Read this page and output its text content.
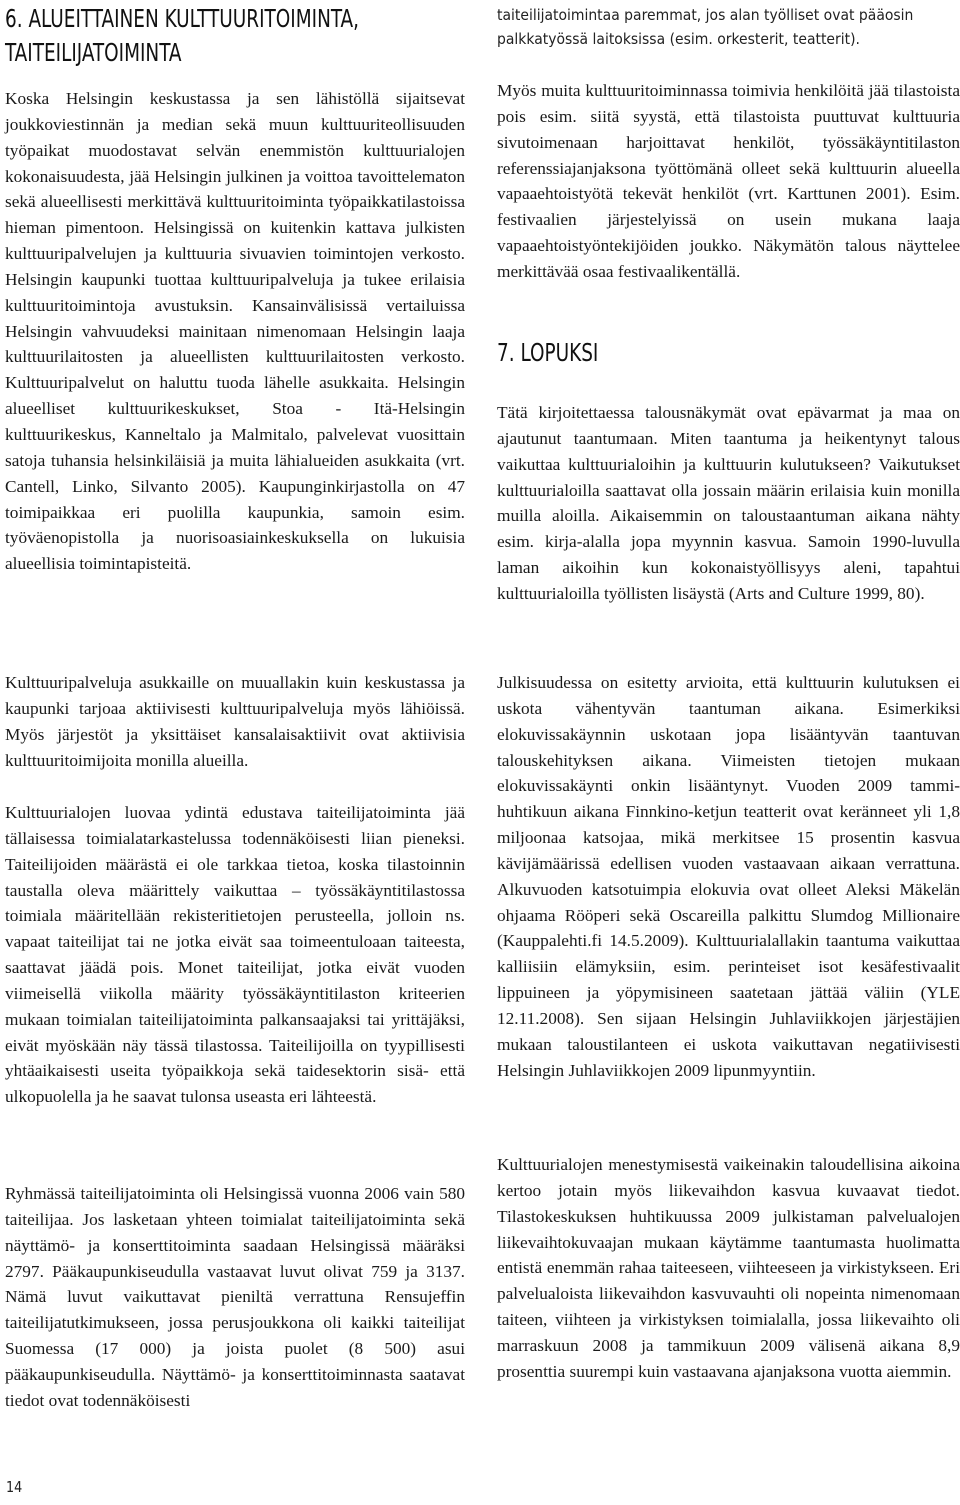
6. ALUEITTAINEN KULTTUURITOIMINTA,
TAITEILIJATOIMINTA

Koska Helsingin keskustassa ja sen lähistöllä sijaitsevat joukkoviestinnän ja median sekä muun kulttuuriteollisuuden työpaikat muodostavat selvän enemmistön kulttuurialojen kokonaisuudesta, jää Helsingin julkinen ja voittoa tavoittelematon sekä alueellisesti merkittävä kulttuuritoiminta työpaikkatilastoissa hieman pimentoon. Helsingissä on kuitenkin kattava julkisten kulttuuripalvelujen ja kulttuuria sivuavien toimintojen verkosto. Helsingin kaupunki tuottaa kulttuuripalveluja ja tukee erilaisia kulttuuritoimintoja avustuksin. Kansainvälisissä vertailuissa Helsingin vahvuudeksi mainitaan nimenomaan Helsingin laaja kulttuurilaitosten ja alueellisten kulttuurilaitosten verkosto. Kulttuuripalvelut on haluttu tuoda lähelle asukkaita. Helsingin alueelliset kulttuurikeskukset, Stoa - Itä-Helsingin kulttuurikeskus, Kanneltalo ja Malmitalo, palvelevat vuosittain satoja tuhansia helsinkiläisiä ja muita lähialueiden asukkaita (vrt. Cantell, Linko, Silvanto 2005). Kaupunginkirjastolla on 47 toimipaikkaa eri puolilla kaupunkia, samoin esim. työväenopistolla ja nuorisoasiainkeskuksella on lukuisia alueellisia toimintapisteitä.

Kulttuuripalveluja asukkaille on muuallakin kuin keskustassa ja kaupunki tarjoaa aktiivisesti kulttuuripalveluja myös lähiöissä. Myös järjestöt ja yksittäiset kansalaisaktiivit ovat aktiivisia kulttuuritoimijoita monilla alueilla.

Kulttuurialojen luovaa ydintä edustava taiteilijatoiminta jää tällaisessa toimialatarkastelussa todennäköisesti liian pieneksi. Taiteilijoiden määrästä ei ole tarkkaa tietoa, koska tilastoinnin taustalla oleva määrittely vaikuttaa – työssäkäyntitilastossa toimiala määritellään rekisteritietojen perusteella, jolloin ns. vapaat taiteilijat tai ne jotka eivät saa toimeentuloaan taiteesta, saattavat jäädä pois. Monet taiteilijat, jotka eivät vuoden viimeisellä viikolla määrity työssäkäyntitilaston kriteerien mukaan toimialan taiteilijatoiminta palkansaajaksi tai yrittäjäksi, eivät myöskään näy tässä tilastossa. Taiteilijoilla on tyypillisesti yhtäaikaisesti useita työpaikkoja sekä taidesektorin sisä- että ulkopuolella ja he saavat tulonsa useasta eri lähteestä.

Ryhmässä taiteilijatoiminta oli Helsingissä vuonna 2006 vain 580 taiteilijaa. Jos lasketaan yhteen toimialat taiteilijatoiminta sekä näyttämö- ja konserttitoiminta saadaan Helsingissä määräksi 2797. Pääkaupunkiseudulla vastaavat luvut olivat 759 ja 3137. Nämä luvut vaikuttavat pieniltä verrattuna Rensujeffin taiteilijatutkimukseen, jossa perusjoukkona oli kaikki taiteilijat Suomessa (17 000) ja joista puolet (8 500) asui pääkaupunkiseudulla. Näyttämö- ja konserttitoiminnasta saatavat tiedot ovat todennäköisesti

taiteilijatoimintaa paremmat, jos alan työlliset ovat pääosin
palkkatyössä laitoksissa (esim. orkesterit, teatterit).

Myös muita kulttuuritoiminnassa toimivia henkilöitä jää tilastoista pois esim. siitä syystä, että tilastoista puuttuvat kulttuuria sivutoimenaan harjoittavat henkilöt, työssäkäyntitilaston referenssiajanjaksona työttömänä olleet sekä kulttuurin alueella vapaaehtoistyötä tekevät henkilöt (vrt. Karttunen 2001). Esim. festivaalien järjestelyissä on usein mukana laaja vapaaehtoistyöntekijöiden joukko. Näkymätön talous näyttelee merkittävää osaa festivaalikentällä.

7. LOPUKSI

Tätä kirjoitettaessa talousnäkymät ovat epävarmat ja maa on ajautunut taantumaan. Miten taantuma ja heikentynyt talous vaikuttaa kulttuurialoihin ja kulttuurin kulutukseen? Vaikutukset kulttuurialoilla saattavat olla jossain määrin erilaisia kuin monilla muilla aloilla. Aikaisemmin on taloustaantuman aikana nähty esim. kirja-alalla jopa myynnin kasvua. Samoin 1990-luvulla laman aikoihin kun kokonaistyöllisyys aleni, tapahtui kulttuurialoilla työllisten lisäystä (Arts and Culture 1999, 80).

Julkisuudessa on esitetty arvioita, että kulttuurin kulutuksen ei uskota vähentyvän taantuman aikana. Esimerkiksi elokuvissakäynnin uskotaan jopa lisääntyvän taantuvan talouskehityksen aikana. Viimeisten tietojen mukaan elokuvissakäynti onkin lisääntynyt. Vuoden 2009 tammi-huhtikuun aikana Finnkino-ketjun teatterit ovat keränneet yli 1,8 miljoonaa katsojaa, mikä merkitsee 15 prosentin kasvua kävijämäärissä edellisen vuoden vastaavaan aikaan verrattuna. Alkuvuoden katsotuimpia elokuvia ovat olleet Aleksi Mäkelän ohjaama Rööperi sekä Oscareilla palkittu Slumdog Millionaire (Kauppalehti.fi 14.5.2009). Kulttuurialallakin taantuma vaikuttaa kalliisiin elämyksiin, esim. perinteiset isot kesäfestivaalit lippuineen ja yöpymisineen saatetaan jättää väliin (YLE 12.11.2008). Sen sijaan Helsingin Juhlaviikkojen järjestäjien mukaan taloustilanteen ei uskota vaikuttavan negatiivisesti Helsingin Juhlaviikkojen 2009 lipunmyyntiin.

Kulttuurialojen menestymisestä vaikeinakin taloudellisina aikoina kertoo jotain myös liikevaihdon kasvua kuvaavat tiedot. Tilastokeskuksen huhtikuussa 2009 julkistaman palvelualojen liikevaihtokuvaajan mukaan käytämme taantumasta huolimatta entistä enemmän rahaa taiteeseen, viihteeseen ja virkistykseen. Eri palvelualoista liikevaihdon kasvuvauhti oli nopeinta nimenomaan taiteen, viihteen ja virkistyksen toimialalla, jossa liikevaihto oli marraskuun 2008 ja tammikuun 2009 välisenä aikana 8,9 prosenttia suurempi kuin vastaavana ajanjaksona vuotta aiemmin.

14
